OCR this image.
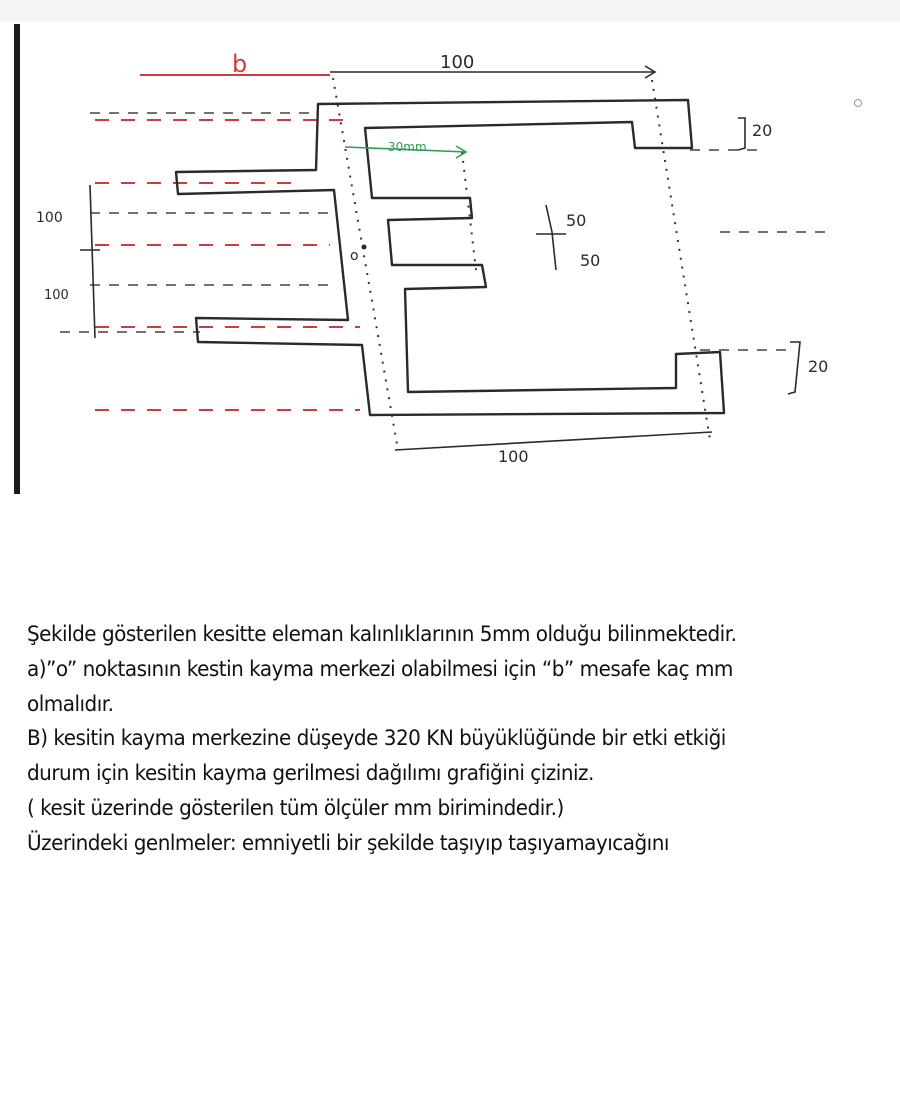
b	100
20
20
30mm
50
50
100
100
100
o

Şekilde gösterilen kesitte eleman kalınlıklarının 5mm olduğu bilinmektedir.

a)”o” noktasının kestin kayma merkezi olabilmesi için “b” mesafe kaç mm

olmalıdır.

B) kesitin kayma merkezine düşeyde 320 KN büyüklüğünde bir etki etkiği

durum için kesitin kayma gerilmesi dağılımı grafiğini çiziniz.

( kesit üzerinde gösterilen tüm ölçüler mm birimindedir.)

Üzerindeki genlmeler: emniyetli bir şekilde taşıyıp taşıyamayıcağını
